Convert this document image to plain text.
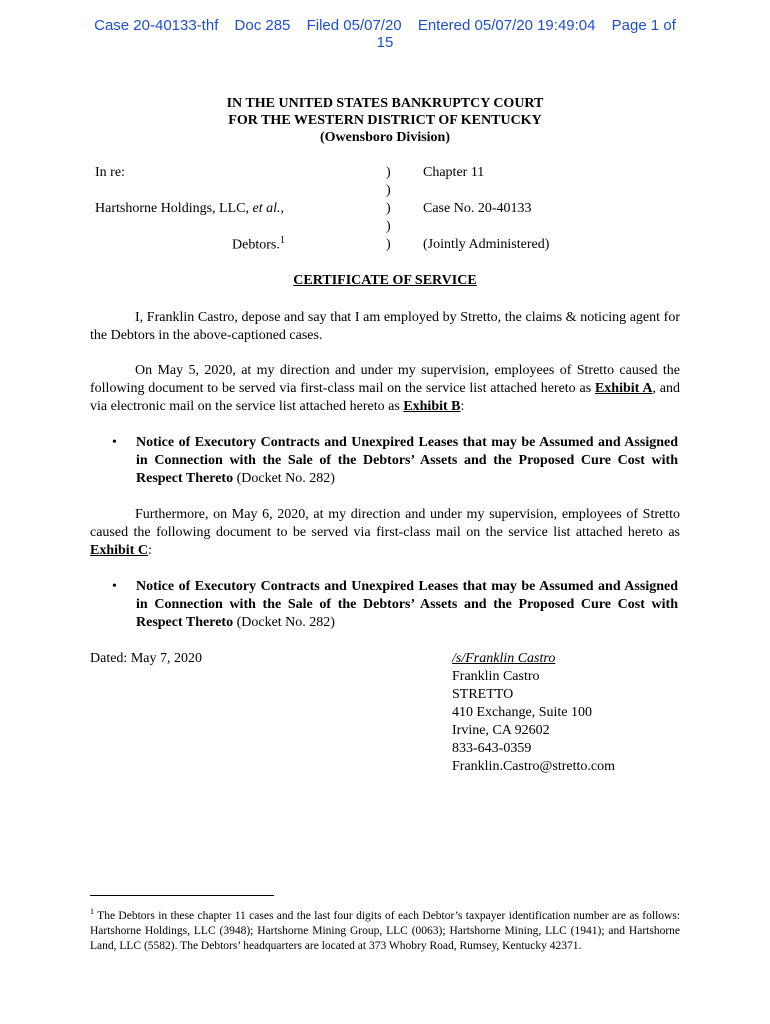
Case 20-40133-thf Doc 285 Filed 05/07/20 Entered 05/07/20 19:49:04 Page 1 of
15
IN THE UNITED STATES BANKRUPTCY COURT
FOR THE WESTERN DISTRICT OF KENTUCKY
(Owensboro Division)
In re:
Hartshorne Holdings, LLC, et al.,
Debtors.$^1$
)
)
)
)
)
Chapter 11
Case No. 20-40133
(Jointly Administered)
CERTIFICATE OF SERVICE
I, Franklin Castro, depose and say that I am employed by Stretto, the claims & noticing agent for the Debtors in the above-captioned cases.
On May 5, 2020, at my direction and under my supervision, employees of Stretto caused the following document to be served via first-class mail on the service list attached hereto as Exhibit A, and via electronic mail on the service list attached hereto as Exhibit B:
• Notice of Executory Contracts and Unexpired Leases that may be Assumed and Assigned in Connection with the Sale of the Debtors’ Assets and the Proposed Cure Cost with Respect Thereto (Docket No. 282)
Furthermore, on May 6, 2020, at my direction and under my supervision, employees of Stretto caused the following document to be served via first-class mail on the service list attached hereto as Exhibit C:
• Notice of Executory Contracts and Unexpired Leases that may be Assumed and Assigned in Connection with the Sale of the Debtors’ Assets and the Proposed Cure Cost with Respect Thereto (Docket No. 282)
Dated: May 7, 2020	/s/Franklin Castro
Franklin Castro
STRETTO
410 Exchange, Suite 100
Irvine, CA 92602
833-643-0359
Franklin.Castro@stretto.com
$^1$ The Debtors in these chapter 11 cases and the last four digits of each Debtor’s taxpayer identification number are as follows: Hartshorne Holdings, LLC (3948); Hartshorne Mining Group, LLC (0063); Hartshorne Mining, LLC (1941); and Hartshorne Land, LLC (5582). The Debtors’ headquarters are located at 373 Whobry Road, Rumsey, Kentucky 42371.
